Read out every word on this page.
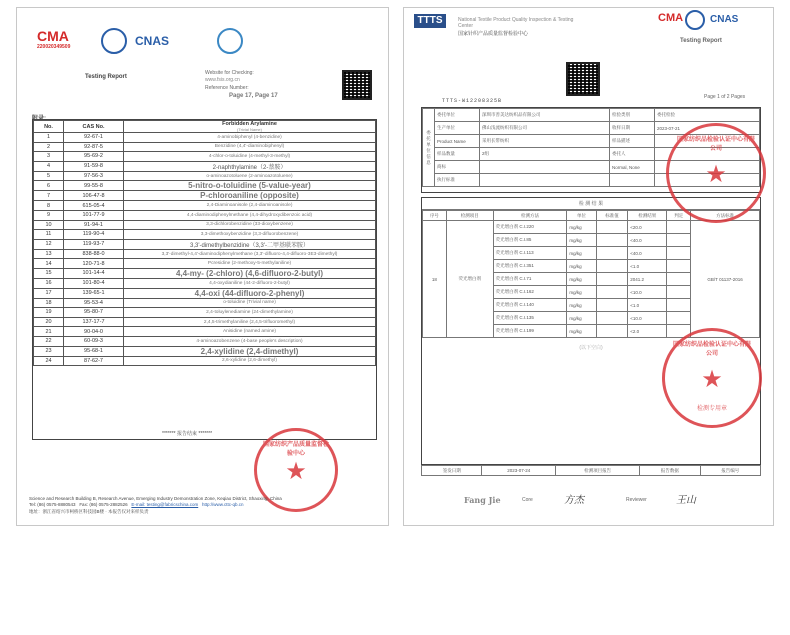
CMA
220020349509	CNAS
Testing Report
Website for Checking:
www.fsis.org.cn
Reference Number:
Page 17, Page 17
附录:
No.	CAS No.	Forbidden Arylamine
(Trivial Name)

1	92-67-1	4-aminobiphenyl (4-benzidine)
2	92-87-5	Benzidine (4,4'-diaminobiphenyl)
3	95-69-2	4-chlor-o-toluidine (4-methyl-3-methyl)
4	91-59-8	2-naphthylamine（2-萘胺）
5	97-56-3	o-aminoazotoluene (2-aminoazotoluene)
6	99-55-8	5-nitro-o-toluidine (5-value-year)
7	106-47-8	P-chloroaniline (opposite)
8	615-05-4	2,4-Diaminoanisole (2,4-diaminoanisole)
9	101-77-9	4,4-diaminodiphenylmethane (4,4-dihydroxydibenzoic acid)
10	91-94-1	3,3-dichlorobenzidine (33-dioxybenzene)
11	119-90-4	3,3-dimethoxybenzidine (3,3-difluorobenzene)
12	119-93-7	3,3'-dimethylbenzidine（3,3'-二甲基联苯胺）
13	838-88-0	3,3'-dimethyl-4,4'-diaminodiphenylmethane (3,3'-difluoro-4,4-difluoro-3E3-dimethyl)
14	120-71-8	Pcresidine (2-methoxy-5-methylaniline)
15	101-14-4	4,4-my- (2-chloro) (4,6-difluoro-2-butyl)
16	101-80-4	4,4-oxydianiline (44-2-difluoro-2-butyl)
17	139-65-1	4,4-oxi (44-difluoro-2-phenyl)
18	95-53-4	o-toluidine (Trivial name)
19	95-80-7	2,4-toluylenediamine (24-dimethylamine)
20	137-17-7	2,4,5-trimethylaniline (2,4,5-trifluoromethyl)
21	90-04-0	Anisidine (named amine)
22	60-09-3	4-aminoazobenzene (4-base people's description)
23	95-68-1	2,4-xylidine (2,4-dimethyl)
24	87-62-7	2,6-xylidine (2,6-dimethyl)
******* 报告结束 *******
国家纺织产品质量监督检验中心
★
Science and Research Building B, Research Avenue, Emerging Industry Demonstration Zone, Keqiao District, Shaoxing, China
Tel: (86) 0575-8880543 Fax: (86) 0575-2882526 E-mail: testing@fabricschina.com http://www.cttc-qb.cn
地址：浙江省绍兴市柯桥区科技园B楼 · 本报告仅对来样负责
TTTS	National Textile Product Quality Inspection & Testing Center
国家针织产品质量监督检验中心
CMA	CNAS
Testing Report
Page 1 of 2 Pages
TTTS-W12208325B
委托单位信息	委托单位	深圳市善美达纺织品有限公司	检验类别	委托检验
	生产单位	佛山浅流纺织有限公司	收样日期	2023-07-21
	Product Name	采用长带纺织	样品描述	
	样品数量	2组	委托人	
	商标		Normal, None	
	执行标准			
检 测 结 果
序号	检测项目	检测方法	单位	标准值	检测结果	判定	方法标准
18	荧光增白剂	荧光增白剂 C.I.220	mg/kg		<20.0		GB/T 01137-2016
		荧光增白剂 C.I.85	mg/kg		<40.0		
		荧光增白剂 C.I.113	mg/kg		<40.0		
		荧光增白剂 C.I.351	mg/kg		<1.0		
		荧光增白剂 C.I.71	mg/kg		2041.2		
		荧光增白剂 C.I.162	mg/kg		<10.0		
		荧光增白剂 C.I.140	mg/kg		<1.0		
		荧光增白剂 C.I.135	mg/kg		<10.0		
		荧光增白剂 C.I.199	mg/kg		<2.0		
(以下空白)
签发日期	2023-07-24	检测项目报告	报告数据	报告编号
Fang Jie	Core	方杰	Reviewer	王山
国家纺织品检验认证中心有限公司
★
国家纺织品检验认证中心有限公司
★
检测专用章
